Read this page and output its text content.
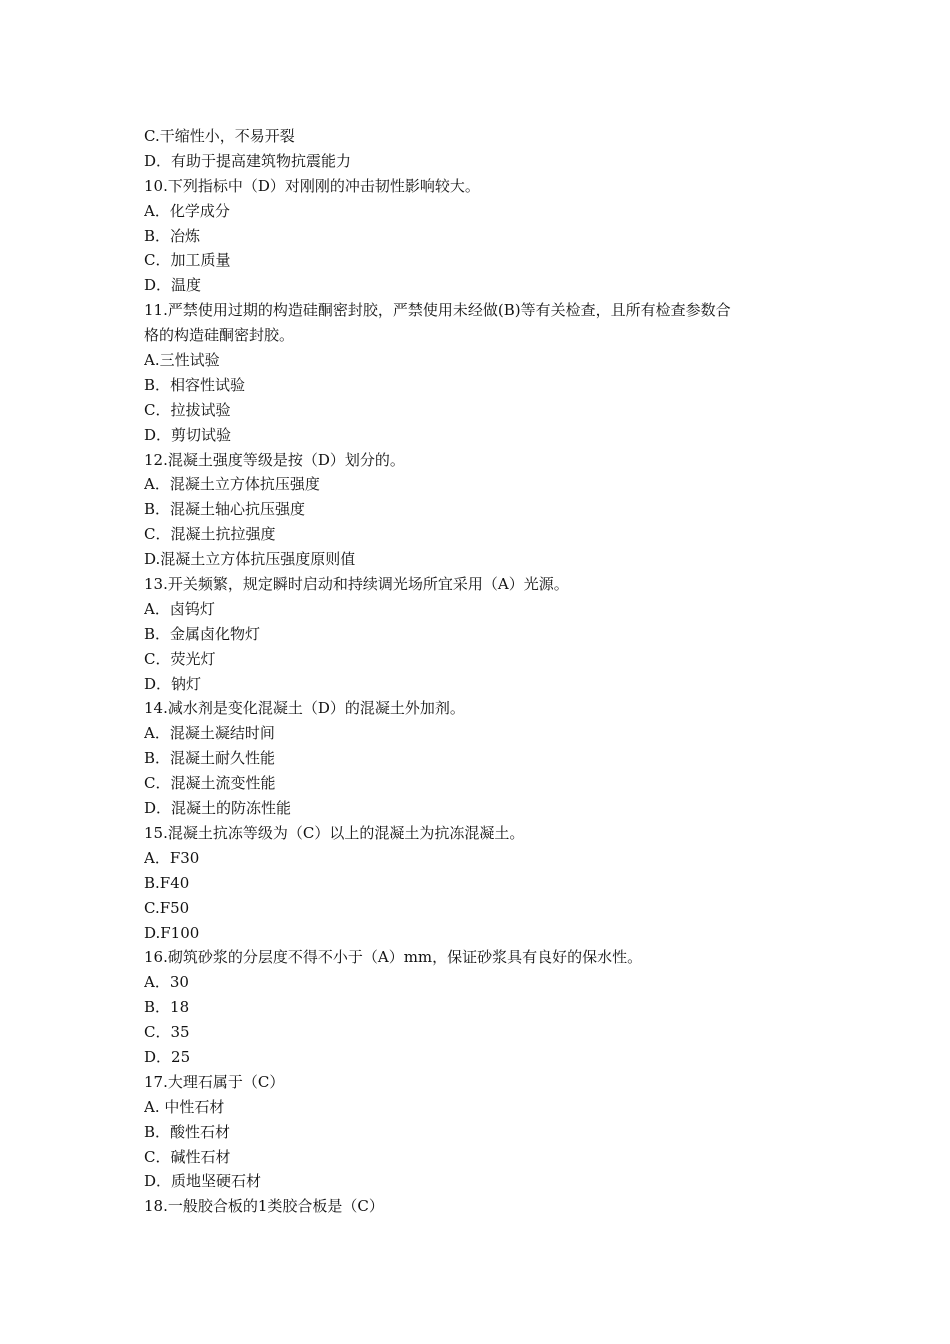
C.干缩性小，不易开裂
D．有助于提高建筑物抗震能力
10.下列指标中（D）对刚刚的冲击韧性影响较大。
A．化学成分
B．冶炼
C．加工质量
D．温度
11.严禁使用过期的构造硅酮密封胶，严禁使用未经做(B)等有关检查，且所有检查参数合
格的构造硅酮密封胶。
A.三性试验
B．相容性试验
C．拉拔试验
D．剪切试验
12.混凝土强度等级是按（D）划分的。
A．混凝土立方体抗压强度
B．混凝土轴心抗压强度
C．混凝土抗拉强度
D.混凝土立方体抗压强度原则值
13.开关频繁，规定瞬时启动和持续调光场所宜采用（A）光源。
A．卤钨灯
B．金属卤化物灯
C．荧光灯
D．钠灯
14.减水剂是变化混凝土（D）的混凝土外加剂。
A．混凝土凝结时间
B．混凝土耐久性能
C．混凝土流变性能
D．混凝土的防冻性能
15.混凝土抗冻等级为（C）以上的混凝土为抗冻混凝土。
A．F30
B.F40
C.F50
D.F100
16.砌筑砂浆的分层度不得不小于（A）mm，保证砂浆具有良好的保水性。
A．30
B．18
C．35
D．25
17.大理石属于（C）
A. 中性石材
B．酸性石材
C．碱性石材
D．质地坚硬石材
18.一般胶合板的1类胶合板是（C）
